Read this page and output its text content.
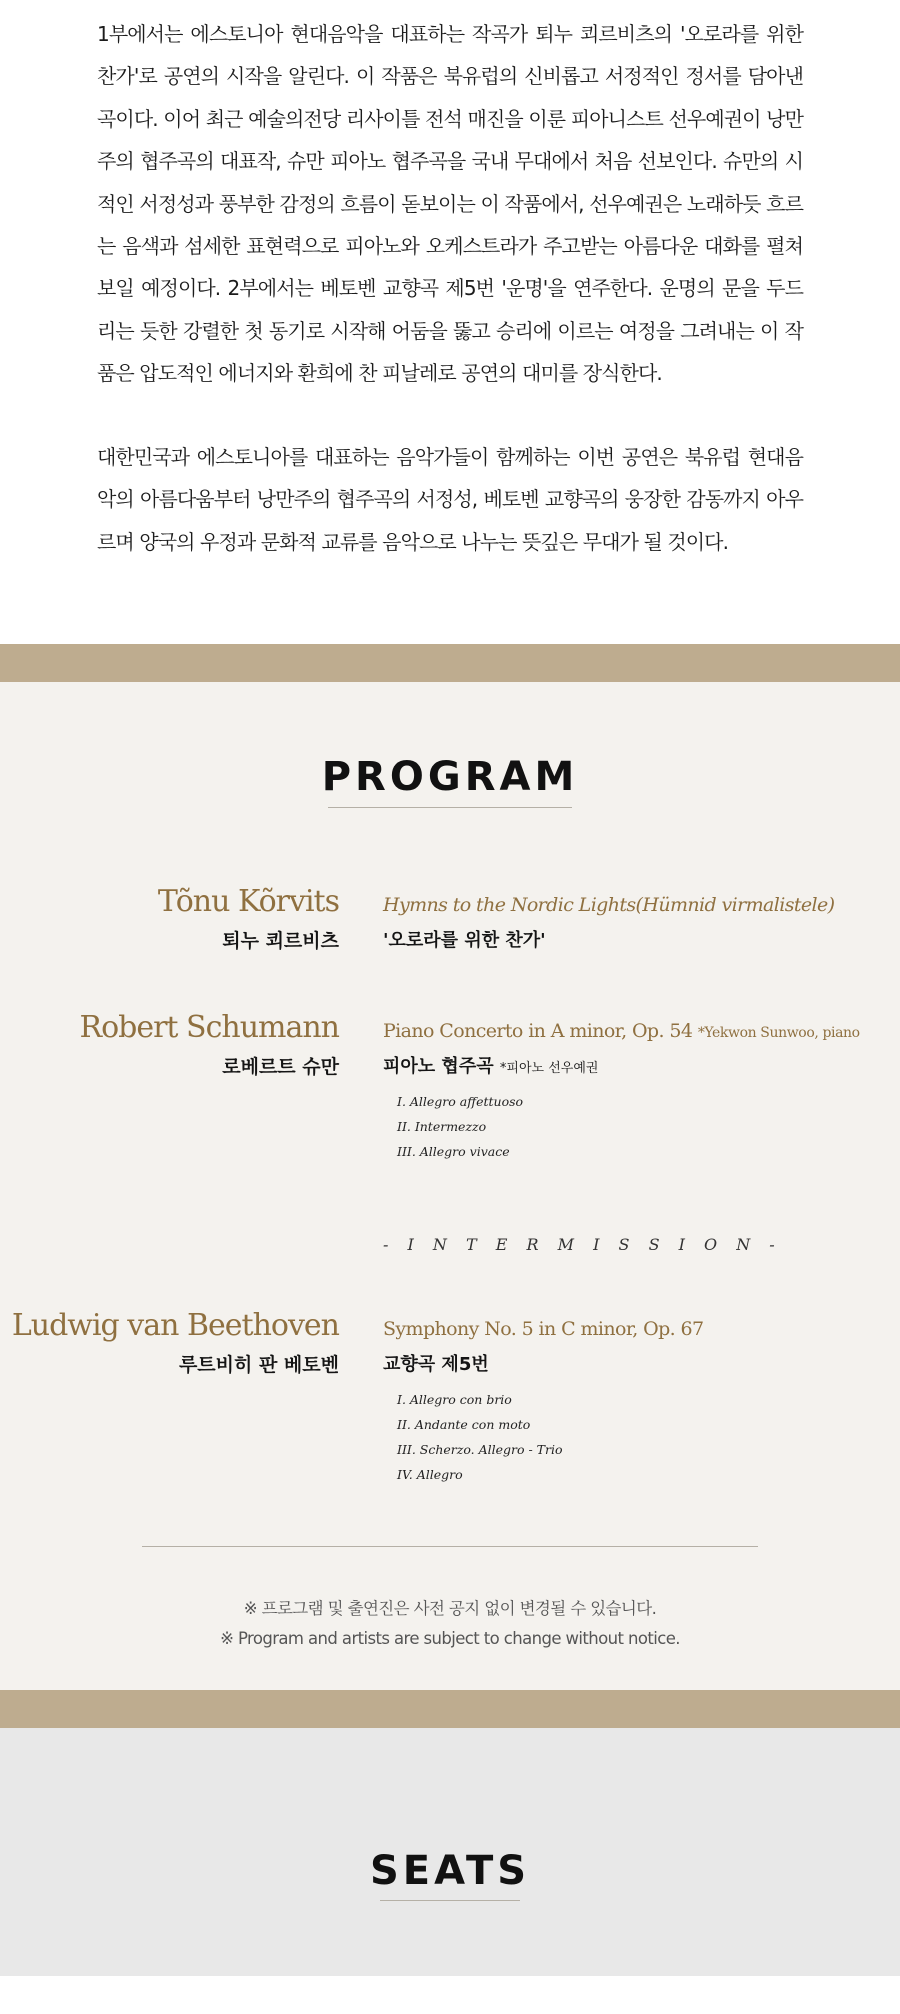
1부에서는 에스토니아 현대음악을 대표하는 작곡가 퇴누 쾨르비츠의 '오로라를 위한 찬가'로 공연의 시작을 알린다. 이 작품은 북유럽의 신비롭고 서정적인 정서를 담아낸 곡이다. 이어 최근 예술의전당 리사이틀 전석 매진을 이룬 피아니스트 선우예권이 낭만주의 협주곡의 대표작, 슈만 피아노 협주곡을 국내 무대에서 처음 선보인다. 슈만의 시적인 서정성과 풍부한 감정의 흐름이 돋보이는 이 작품에서, 선우예권은 노래하듯 흐르는 음색과 섬세한 표현력으로 피아노와 오케스트라가 주고받는 아름다운 대화를 펼쳐 보일 예정이다. 2부에서는 베토벤 교향곡 제5번 '운명'을 연주한다. 운명의 문을 두드리는 듯한 강렬한 첫 동기로 시작해 어둠을 뚫고 승리에 이르는 여정을 그려내는 이 작품은 압도적인 에너지와 환희에 찬 피날레로 공연의 대미를 장식한다.

대한민국과 에스토니아를 대표하는 음악가들이 함께하는 이번 공연은 북유럽 현대음악의 아름다움부터 낭만주의 협주곡의 서정성, 베토벤 교향곡의 웅장한 감동까지 아우르며 양국의 우정과 문화적 교류를 음악으로 나누는 뜻깊은 무대가 될 것이다.

PROGRAM
Tõnu Kõrvits
퇴누 쾨르비츠
Hymns to the Nordic Lights(Hümnid virmalistele)
'오로라를 위한 찬가'
Robert Schumann
로베르트 슈만
Piano Concerto in A minor, Op. 54 *Yekwon Sunwoo, piano
피아노 협주곡 *피아노 선우예권
I. Allegro affettuoso
II. Intermezzo
III. Allegro vivace
- I N T E R M I S S I O N -
Ludwig van Beethoven
루트비히 판 베토벤
Symphony No. 5 in C minor, Op. 67
교향곡 제5번
I. Allegro con brio
II. Andante con moto
III. Scherzo. Allegro - Trio
IV. Allegro
※ 프로그램 및 출연진은 사전 공지 없이 변경될 수 있습니다.
※ Program and artists are subject to change without notice.
SEATS
